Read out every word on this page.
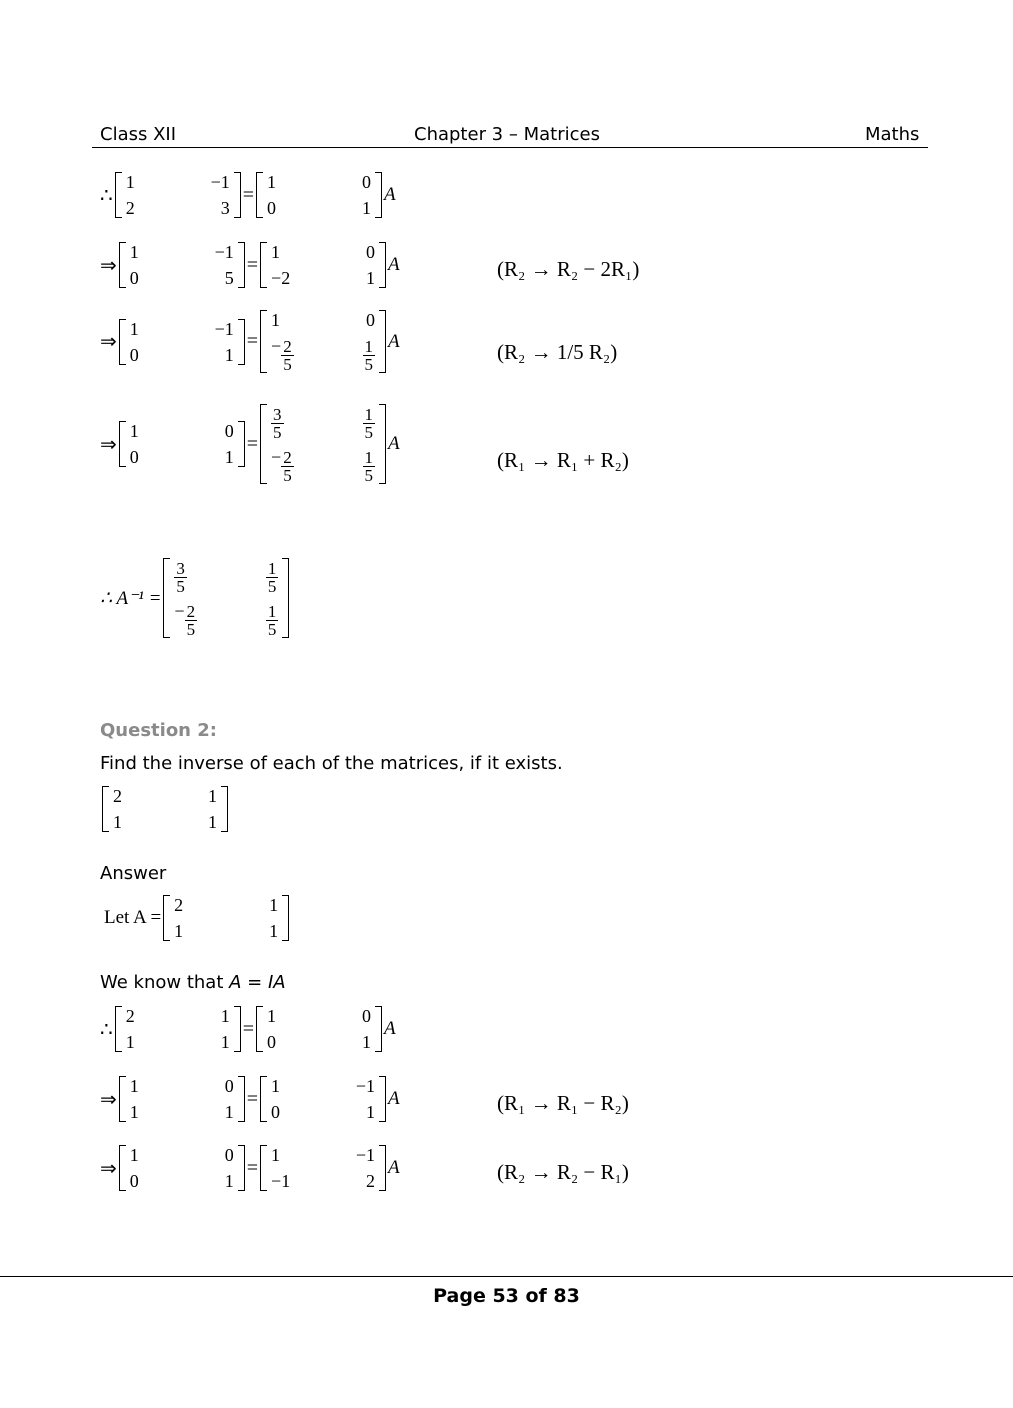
Class XII	Chapter 3 – Matrices	Maths
∴
1	−1
2	3
=
1	0
0	1
A
⇒
1	−1
0	5
=
1	0
−2	1
A
⇒
1	−1
0	1
=
1	0
− $\frac{2}{5}$	$\frac{1}{5}$ A
⇒
1	0
0	1
=
$\frac{3}{5}$	$\frac{1}{5}$
− $\frac{2}{5}$	$\frac{1}{5}$
A
(R₂ → R₂ − 2R₁)
(R₂ → 1/5 R₂)
(R₁ → R₁ + R₂)
∴ A⁻¹ =
$\frac{3}{5}$	$\frac{1}{5}$
− $\frac{2}{5}$	$\frac{1}{5}$
Question 2:
Find the inverse of each of the matrices, if it exists.
2	1
1	1
Answer
Let A =
2	1
1	1
We know that A = IA
∴
2	1
1	1
=
1	0
0	1
A
⇒
1	0
1	1
=
1	−1
0	1
A
⇒
1	0
0	1
=
1	−1
−1	2
A
(R₁ → R₁ − R₂)
(R₂ → R₂ − R₁)
Page 53 of 83
